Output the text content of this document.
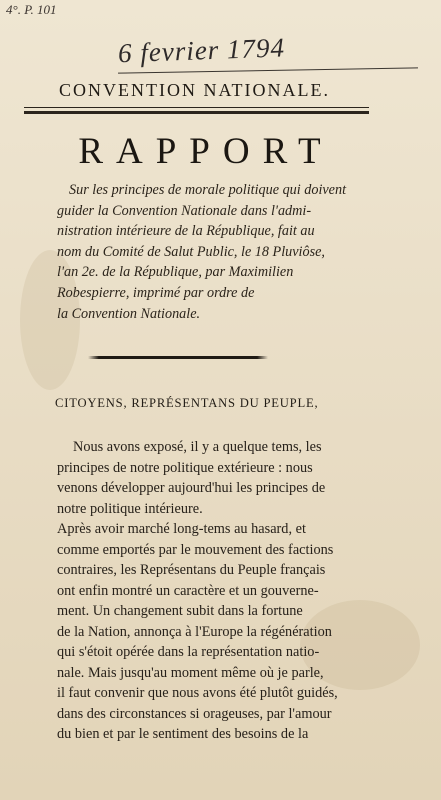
4°. P. 101
6 fevrier 1794
CONVENTION NATIONALE.
RAPPORT
Sur les principes de morale politique qui doivent
guider la Convention Nationale dans l'admi-
nistration intérieure de la République, fait au
nom du Comité de Salut Public, le 18 Pluviôse,
l'an 2e. de la République, par Maximilien
Robespierre, imprimé par ordre de
la Convention Nationale.
CITOYENS, REPRÉSENTANS DU PEUPLE,
Nous avons exposé, il y a quelque tems, les
principes de notre politique extérieure : nous
venons développer aujourd'hui les principes de
notre politique intérieure.
Après avoir marché long-tems au hasard, et
comme emportés par le mouvement des factions
contraires, les Représentans du Peuple français
ont enfin montré un caractère et un gouverne-
ment. Un changement subit dans la fortune
de la Nation, annonça à l'Europe la régénération
qui s'étoit opérée dans la représentation natio-
nale. Mais jusqu'au moment même où je parle,
il faut convenir que nous avons été plutôt guidés,
dans des circonstances si orageuses, par l'amour
du bien et par le sentiment des besoins de la
